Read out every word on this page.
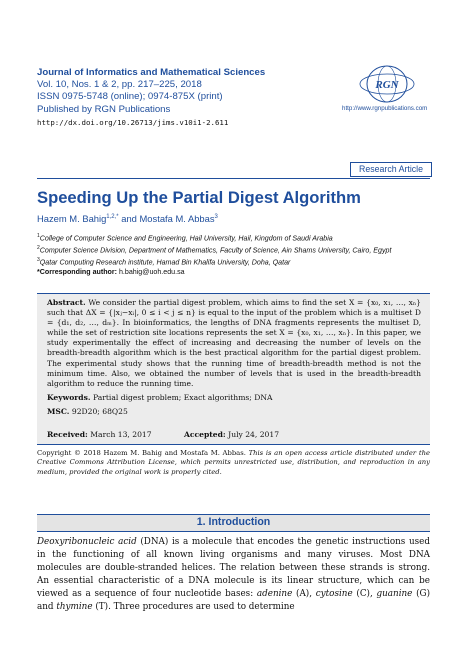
Journal of Informatics and Mathematical Sciences
Vol. 10, Nos. 1 & 2, pp. 217–225, 2018
ISSN 0975-5748 (online); 0974-875X (print)
Published by RGN Publications
http://dx.doi.org/10.26713/jims.v10i1-2.611
RGN
http://www.rgnpublications.com
Research Article
Speeding Up the Partial Digest Algorithm
Hazem M. Bahig$^{1,2,*}$ and Mostafa M. Abbas$^3$
$^1$College of Computer Science and Engineering, Hail University, Hail, Kingdom of Saudi Arabia
$^2$Computer Science Division, Department of Mathematics, Faculty of Science, Ain Shams University, Cairo, Egypt
$^3$Qatar Computing Research institute, Hamad Bin Khalifa University, Doha, Qatar
*Corresponding author: h.bahig@uoh.edu.sa
Abstract. We consider the partial digest problem, which aims to find the set X = {x₀, x₁, …, xₙ} such that ΔX = {|xⱼ−xᵢ|, 0 ≤ i < j ≤ n} is equal to the input of the problem which is a multiset D = {d₁, d₂, …, dₘ}. In bioinformatics, the lengths of DNA fragments represents the multiset D, while the set of restriction site locations represents the set X = {x₀, x₁, …, xₙ}. In this paper, we study experimentally the effect of increasing and decreasing the number of levels on the breadth-breadth algorithm which is the best practical algorithm for the partial digest problem. The experimental study shows that the running time of breadth-breadth method is not the minimum time. Also, we obtained the number of levels that is used in the breadth-breadth algorithm to reduce the running time.
Keywords. Partial digest problem; Exact algorithms; DNA
MSC. 92D20; 68Q25
Received: March 13, 2017	Accepted: July 24, 2017
Copyright © 2018 Hazem M. Bahig and Mostafa M. Abbas. This is an open access article distributed under the Creative Commons Attribution License, which permits unrestricted use, distribution, and reproduction in any medium, provided the original work is properly cited.
1. Introduction
Deoxyribonucleic acid (DNA) is a molecule that encodes the genetic instructions used in the functioning of all known living organisms and many viruses. Most DNA molecules are double-stranded helices. The relation between these strands is strong. An essential characteristic of a DNA molecule is its linear structure, which can be viewed as a sequence of four nucleotide bases: adenine (A), cytosine (C), guanine (G) and thymine (T). Three procedures are used to determine
